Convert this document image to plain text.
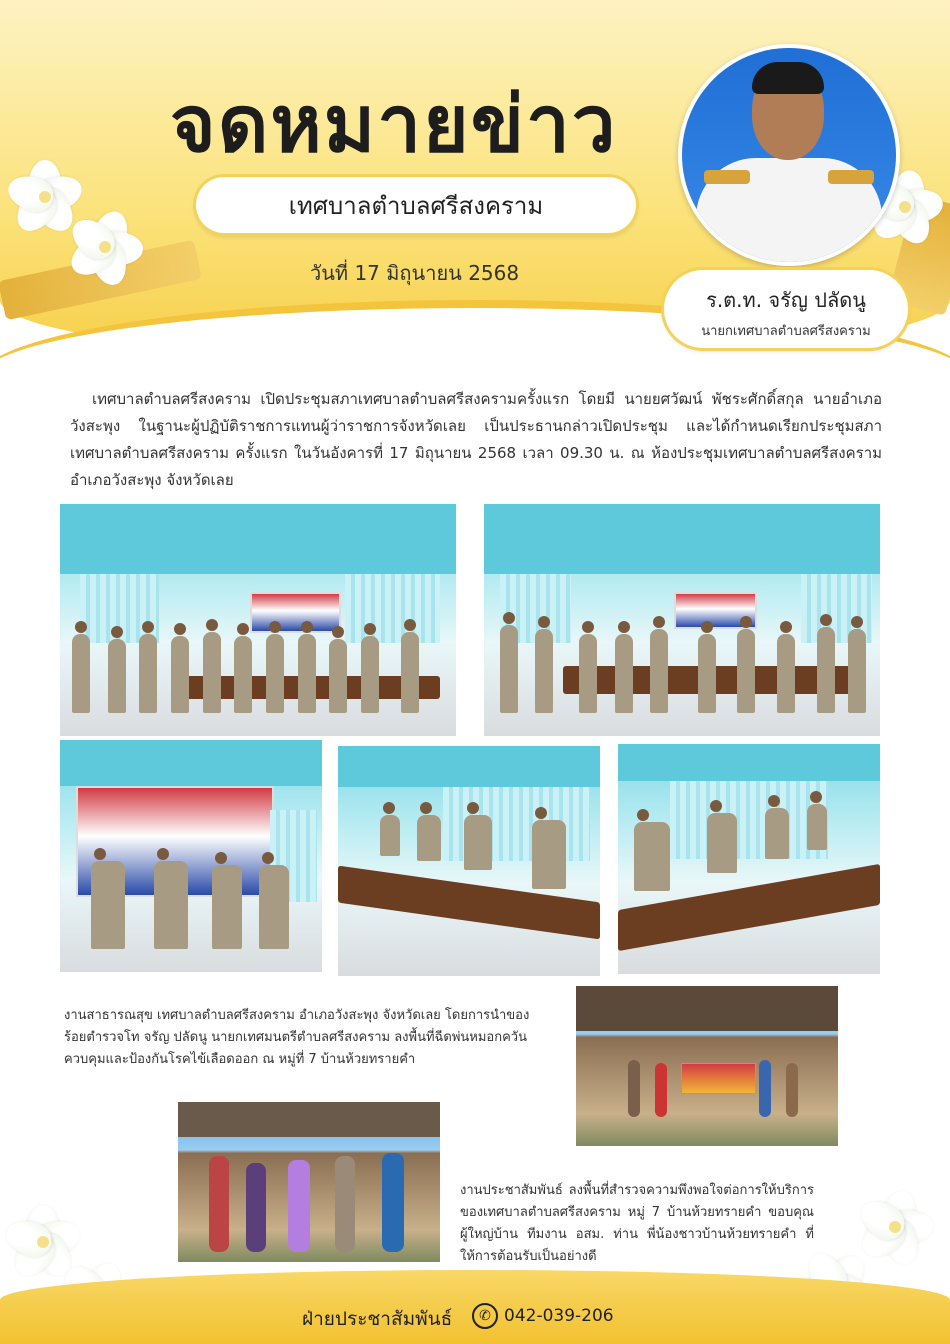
จดหมายข่าว
เทศบาลตำบลศรีสงคราม
วันที่ 17 มิถุนายน 2568
ร.ต.ท. จรัญ ปลัดนู
นายกเทศบาลตำบลศรีสงคราม

เทศบาลตำบลศรีสงคราม เปิดประชุมสภาเทศบาลตำบลศรีสงครามครั้งแรก โดยมี นายยศวัฒน์ พัชระศักดิ์สกุล นายอำเภอวังสะพุง ในฐานะผู้ปฏิบัติราชการแทนผู้ว่าราชการจังหวัดเลย เป็นประธานกล่าวเปิดประชุม และได้กำหนดเรียกประชุมสภาเทศบาลตำบลศรีสงคราม ครั้งแรก ในวันอังคารที่ 17 มิถุนายน 2568 เวลา 09.30 น. ณ ห้องประชุมเทศบาลตำบลศรีสงคราม อำเภอวังสะพุง จังหวัดเลย

งานสาธารณสุข เทศบาลตำบลศรีสงคราม อำเภอวังสะพุง จังหวัดเลย โดยการนำของ ร้อยตำรวจโท จรัญ ปลัดนู นายกเทศมนตรีตำบลศรีสงคราม ลงพื้นที่ฉีดพ่นหมอกควันควบคุมและป้องกันโรคไข้เลือดออก ณ หมู่ที่ 7 บ้านห้วยทรายคำ

งานประชาสัมพันธ์ ลงพื้นที่สำรวจความพึงพอใจต่อการให้บริการของเทศบาลตำบลศรีสงคราม หมู่ 7 บ้านห้วยทรายคำ ขอบคุณผู้ใหญ่บ้าน ทีมงาน อสม. ท่าน พี่น้องชาวบ้านห้วยทรายคำ ที่ให้การต้อนรับเป็นอย่างดี

ฝ่ายประชาสัมพันธ์	✆ 042-039-206
